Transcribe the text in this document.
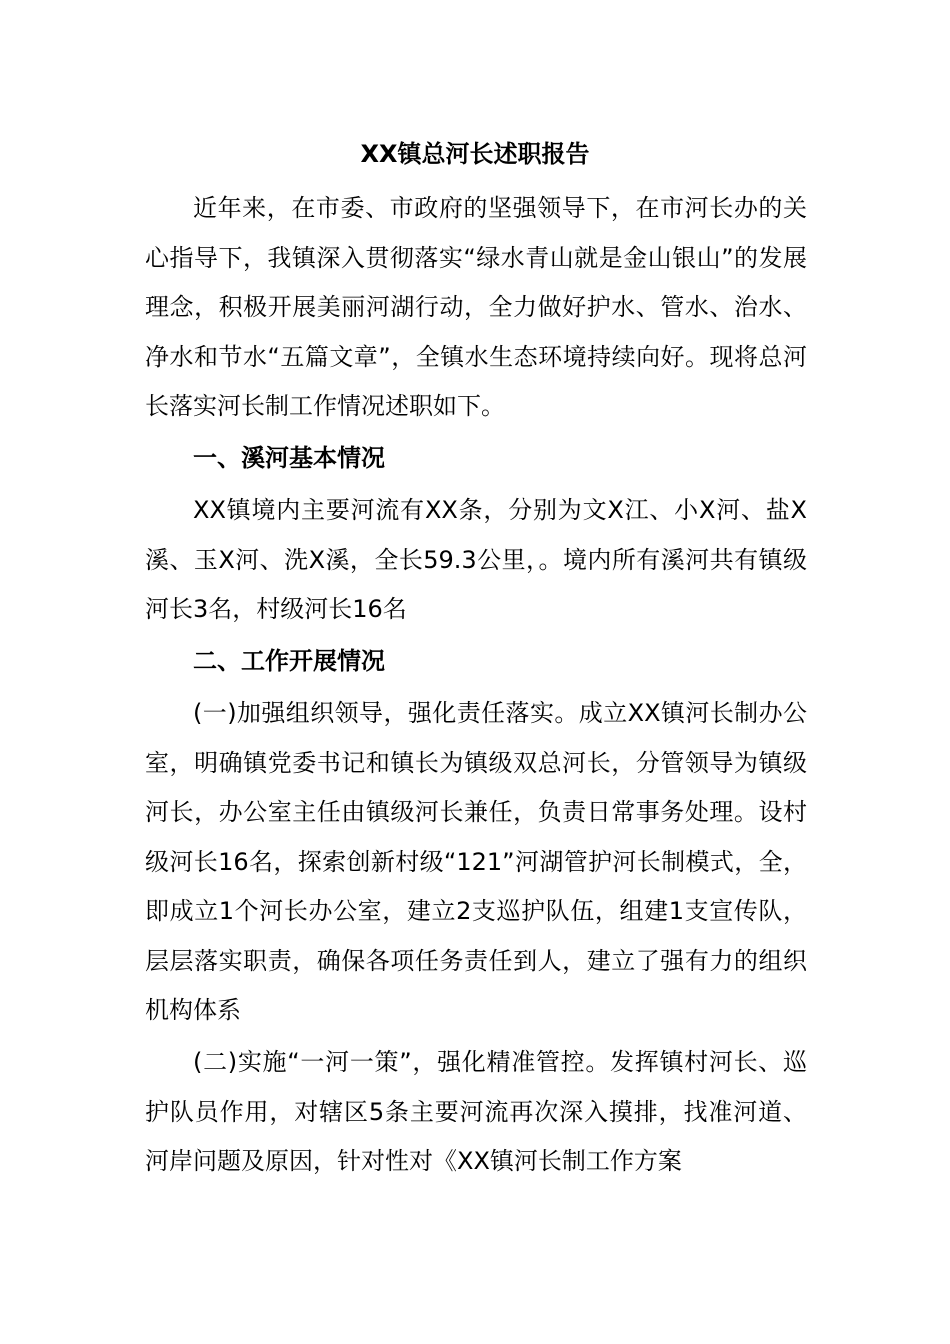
XX镇总河长述职报告

近年来，在市委、市政府的坚强领导下，在市河长办的关心指导下，我镇深入贯彻落实“绿水青山就是金山银山”的发展理念，积极开展美丽河湖行动，全力做好护水、管水、治水、净水和节水“五篇文章”，全镇水生态环境持续向好。现将总河长落实河长制工作情况述职如下。

一、溪河基本情况

XX镇境内主要河流有XX条，分别为文X江、小X河、盐X溪、玉X河、洗X溪，全长59.3公里，。境内所有溪河共有镇级河长3名，村级河长16名

二、工作开展情况

(一)加强组织领导，强化责任落实。成立XX镇河长制办公室，明确镇党委书记和镇长为镇级双总河长，分管领导为镇级河长，办公室主任由镇级河长兼任，负责日常事务处理。设村级河长16名，探索创新村级“121”河湖管护河长制模式，全，即成立1个河长办公室，建立2支巡护队伍，组建1支宣传队，层层落实职责，确保各项任务责任到人，建立了强有力的组织机构体系

(二)实施“一河一策”，强化精准管控。发挥镇村河长、巡护队员作用，对辖区5条主要河流再次深入摸排，找准河道、河岸问题及原因，针对性对《XX镇河长制工作方案
